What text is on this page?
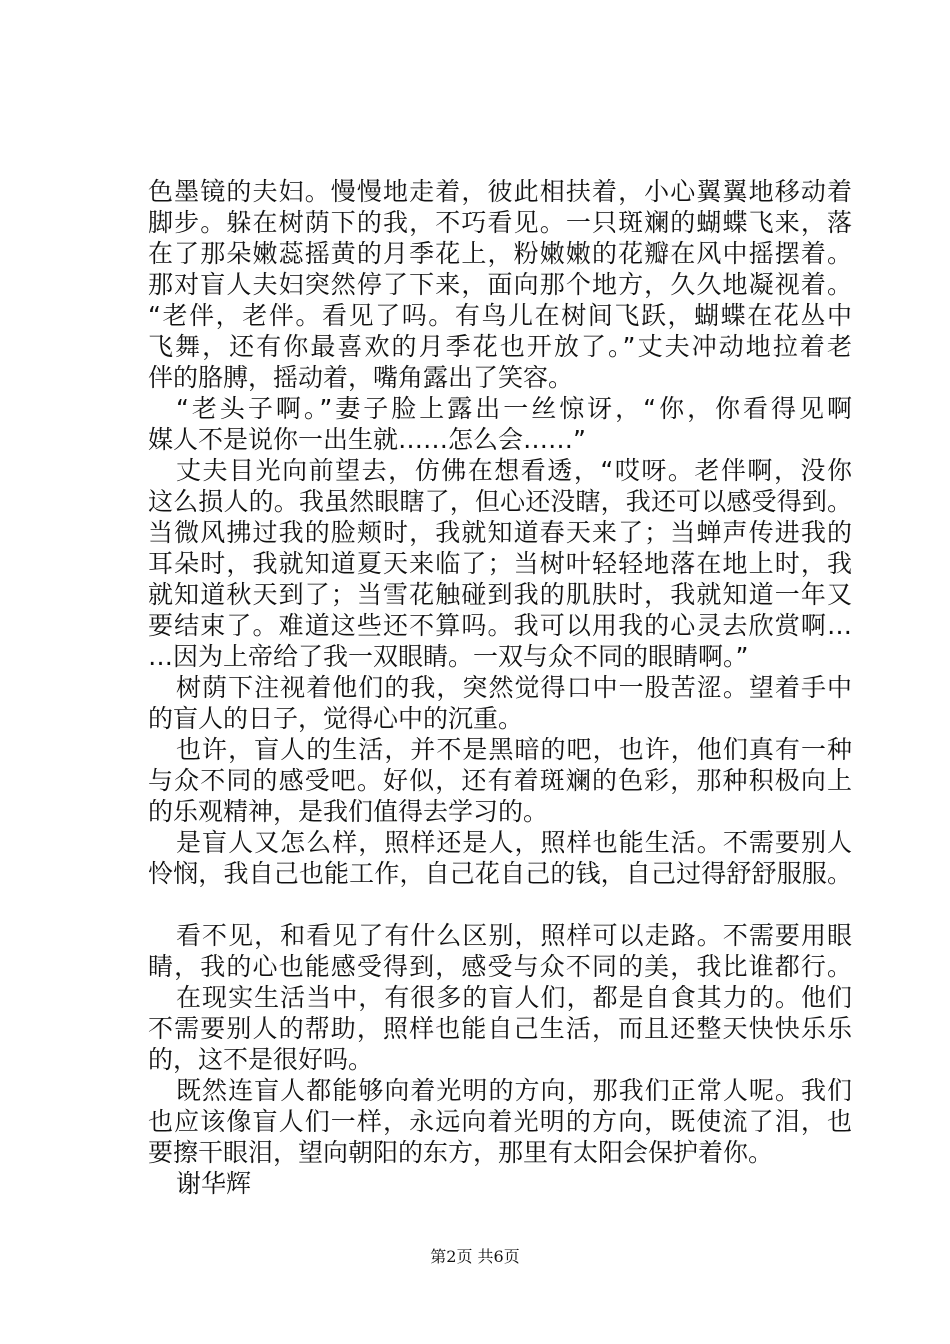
色墨镜的夫妇。慢慢地走着，彼此相扶着，小心翼翼地移动着
脚步。躲在树荫下的我，不巧看见。一只斑斓的蝴蝶飞来，落
在了那朵嫩蕊摇黄的月季花上，粉嫩嫩的花瓣在风中摇摆着。
那对盲人夫妇突然停了下来，面向那个地方，久久地凝视着。
“老伴，老伴。看见了吗。有鸟儿在树间飞跃，蝴蝶在花丛中
飞舞，还有你最喜欢的月季花也开放了。”丈夫冲动地拉着老
伴的胳膊，摇动着，嘴角露出了笑容。
“老头子啊。”妻子脸上露出一丝惊讶，“你，你看得见啊
媒人不是说你一出生就……怎么会……”
丈夫目光向前望去，仿佛在想看透，“哎呀。老伴啊，没你
这么损人的。我虽然眼瞎了，但心还没瞎，我还可以感受得到。
当微风拂过我的脸颊时，我就知道春天来了；当蝉声传进我的
耳朵时，我就知道夏天来临了；当树叶轻轻地落在地上时，我
就知道秋天到了；当雪花触碰到我的肌肤时，我就知道一年又
要结束了。难道这些还不算吗。我可以用我的心灵去欣赏啊…
…因为上帝给了我一双眼睛。一双与众不同的眼睛啊。”
树荫下注视着他们的我，突然觉得口中一股苦涩。望着手中
的盲人的日子，觉得心中的沉重。
也许，盲人的生活，并不是黑暗的吧，也许，他们真有一种
与众不同的感受吧。好似，还有着斑斓的色彩，那种积极向上
的乐观精神，是我们值得去学习的。
是盲人又怎么样，照样还是人，照样也能生活。不需要别人
怜悯，我自己也能工作，自己花自己的钱，自己过得舒舒服服。
看不见，和看见了有什么区别，照样可以走路。不需要用眼
睛，我的心也能感受得到，感受与众不同的美，我比谁都行。
在现实生活当中，有很多的盲人们，都是自食其力的。他们
不需要别人的帮助，照样也能自己生活，而且还整天快快乐乐
的，这不是很好吗。
既然连盲人都能够向着光明的方向，那我们正常人呢。我们
也应该像盲人们一样，永远向着光明的方向，既使流了泪，也
要擦干眼泪，望向朝阳的东方，那里有太阳会保护着你。
谢华辉
第2页 共6页
